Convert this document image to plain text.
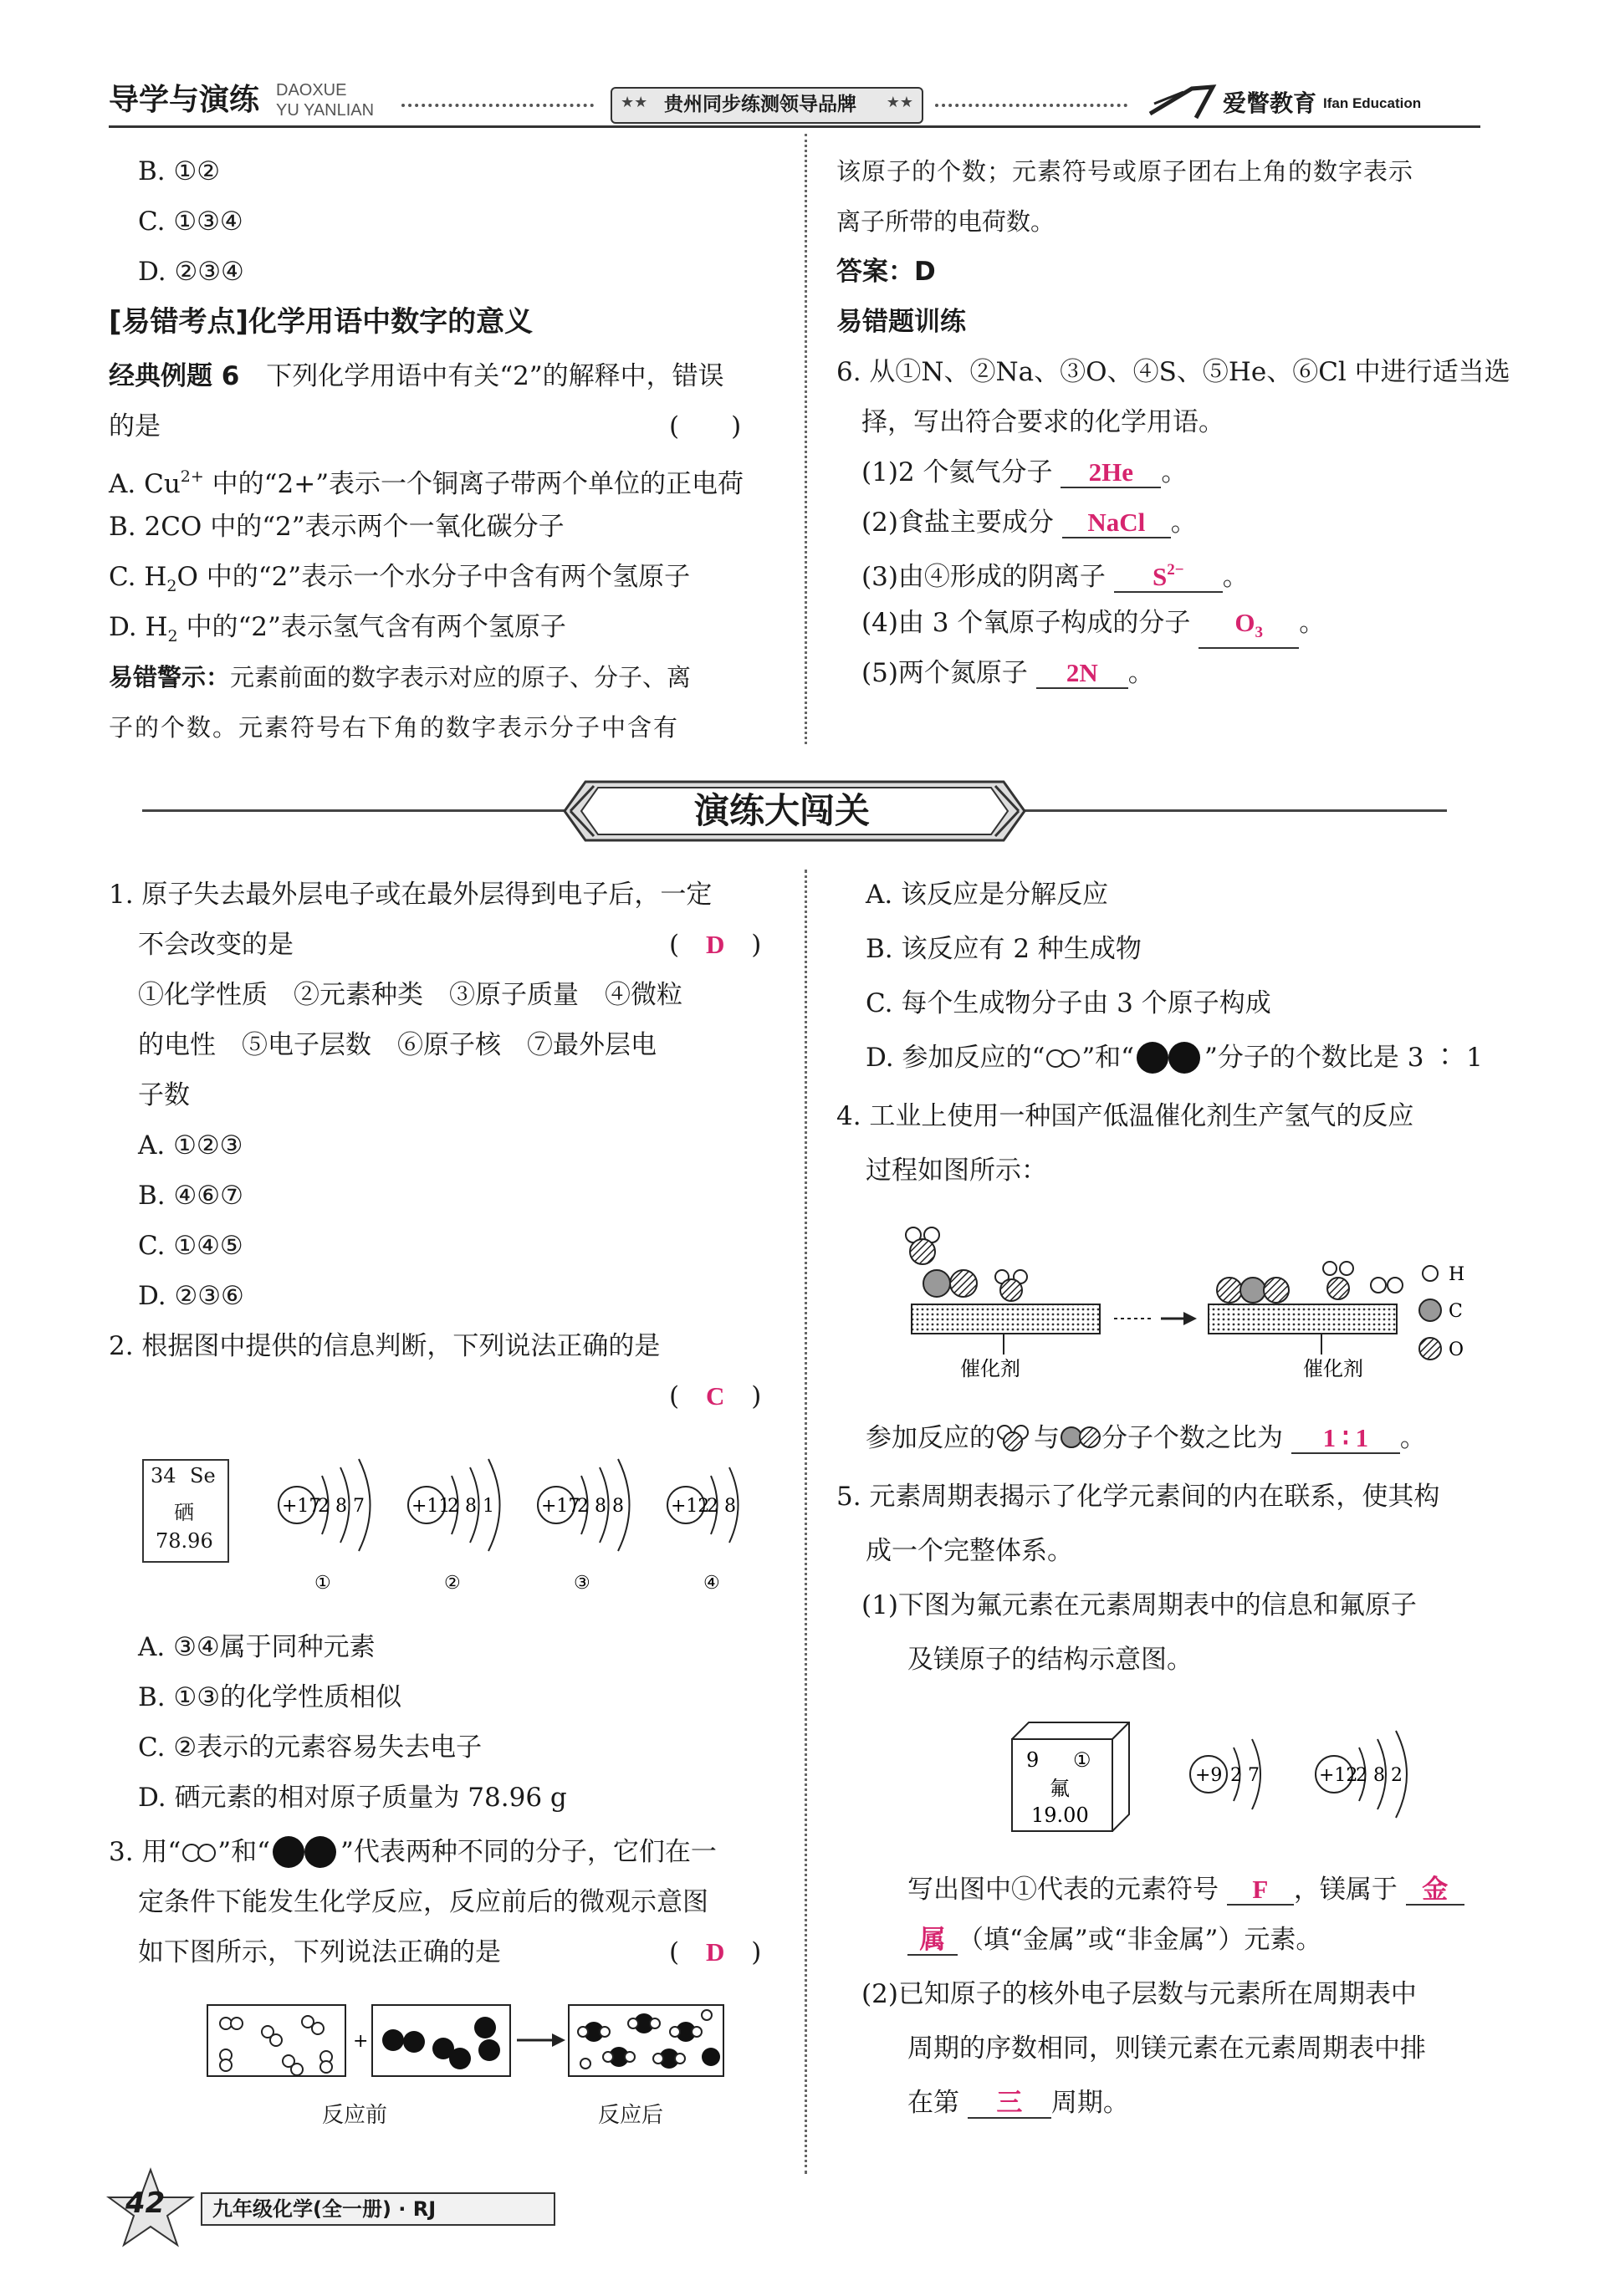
导学与演练 DAOXUE
YU YANLIAN	★★ 贵州同步练测领导品牌 ★★	爱瞥教育 Ifan Education
B. ①②
C. ①③④
D. ②③④
[易错考点]化学用语中数字的意义
经典例题 6 下列化学用语中有关“2”的解释中，错误
的是	(　　)
A. $Cu^{2+}$ 中的“2+”表示一个铜离子带两个单位的正电荷
B. 2CO 中的“2”表示两个一氧化碳分子
C. $H_2O$ 中的“2”表示一个水分子中含有两个氢原子
D. $H_2$ 中的“2”表示氢气含有两个氢原子
易错警示：元素前面的数字表示对应的原子、分子、离
子的个数。元素符号右下角的数字表示分子中含有
该原子的个数；元素符号或原子团右上角的数字表示
离子所带的电荷数。
答案：D
易错题训练
6. 从①N、②Na、③O、④S、⑤He、⑥Cl 中进行适当选
择，写出符合要求的化学用语。
(1)2 个氦气分子 2He 。
(2)食盐主要成分 NaCl 。
(3)由④形成的阴离子 $S^{2-}$ 。
(4)由 3 个氧原子构成的分子 $O_3$ 。
(5)两个氮原子 2N 。
演练大闯关
1. 原子失去最外层电子或在最外层得到电子后，一定
不会改变的是	( D )
①化学性质　②元素种类　③原子质量　④微粒
的电性　⑤电子层数　⑥原子核　⑦最外层电
子数
A. ①②③
B. ④⑥⑦
C. ①④⑤
D. ②③⑥
2. 根据图中提供的信息判断，下列说法正确的是
( C )
34 Se
硒
78.96
+17
2 8 7
①
+11
2 8 1
②
+17
2 8 8
③
+12
2 8
④
A. ③④属于同种元素
B. ①③的化学性质相似
C. ②表示的元素容易失去电子
D. 硒元素的相对原子质量为 78.96 g
3. 用“ ”和“	”代表两种不同的分子，它们在一
定条件下能发生化学反应，反应前后的微观示意图
如下图所示，下列说法正确的是	( D )
+
反应前	反应后
A. 该反应是分解反应
B. 该反应有 2 种生成物
C. 每个生成物分子由 3 个原子构成
D. 参加反应的“ ”和“	”分子的个数比是 3 ∶ 1
4. 工业上使用一种国产低温催化剂生产氢气的反应
过程如图所示：
催化剂	催化剂
H
C
O
参加反应的 与 分子个数之比为 1 ∶ 1 。
5. 元素周期表揭示了化学元素间的内在联系，使其构
成一个完整体系。
(1)下图为氟元素在元素周期表中的信息和氟原子
及镁原子的结构示意图。
9 ①
氟
19.00
+9 2 7	+12
2 8 2
写出图中①代表的元素符号 F ，镁属于 金
属 （填“金属”或“非金属”）元素。
(2)已知原子的核外电子层数与元素所在周期表中
周期的序数相同，则镁元素在元素周期表中排
在第 三 周期。
42 九年级化学(全一册) · RJ
